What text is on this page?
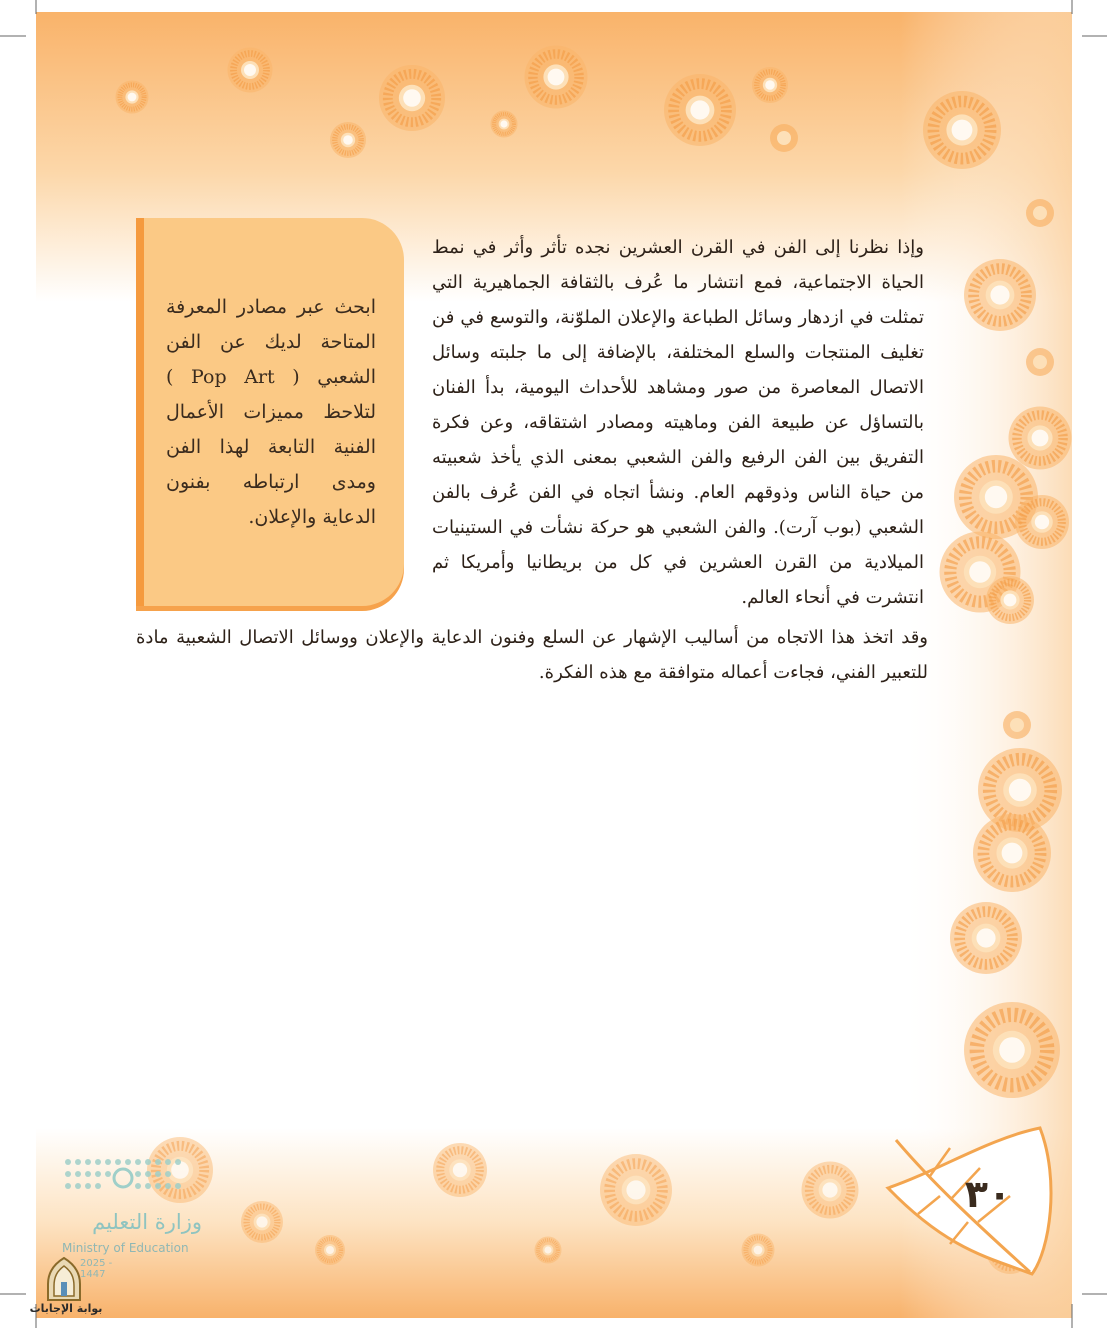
ابحث عبر مصادر المعرفة المتاحة لديك عن الفن الشعبي ( Pop Art ) لتلاحظ مميزات الأعمال الفنية التابعة لهذا الفن ومدى ارتباطه بفنون الدعاية والإعلان.
وإذا نظرنا إلى الفن في القرن العشرين نجده تأثر وأثر في نمط الحياة الاجتماعية، فمع انتشار ما عُرف بالثقافة الجماهيرية التي تمثلت في ازدهار وسائل الطباعة والإعلان الملوّنة، والتوسع في فن تغليف المنتجات والسلع المختلفة، بالإضافة إلى ما جلبته وسائل الاتصال المعاصرة من صور ومشاهد للأحداث اليومية، بدأ الفنان بالتساؤل عن طبيعة الفن وماهيته ومصادر اشتقاقه، وعن فكرة التفريق بين الفن الرفيع والفن الشعبي بمعنى الذي يأخذ شعبيته من حياة الناس وذوقهم العام. ونشأ اتجاه في الفن عُرف بالفن الشعبي (بوب آرت). والفن الشعبي هو حركة نشأت في الستينيات الميلادية من القرن العشرين في كل من بريطانيا وأمريكا ثم انتشرت في أنحاء العالم.
وقد اتخذ هذا الاتجاه من أساليب الإشهار عن السلع وفنون الدعاية والإعلان ووسائل الاتصال الشعبية مادة للتعبير الفني، فجاءت أعماله متوافقة مع هذه الفكرة.
٣٠
وزارة التعليم
Ministry of Education
2025 - 1447
بوابة الإجابات
